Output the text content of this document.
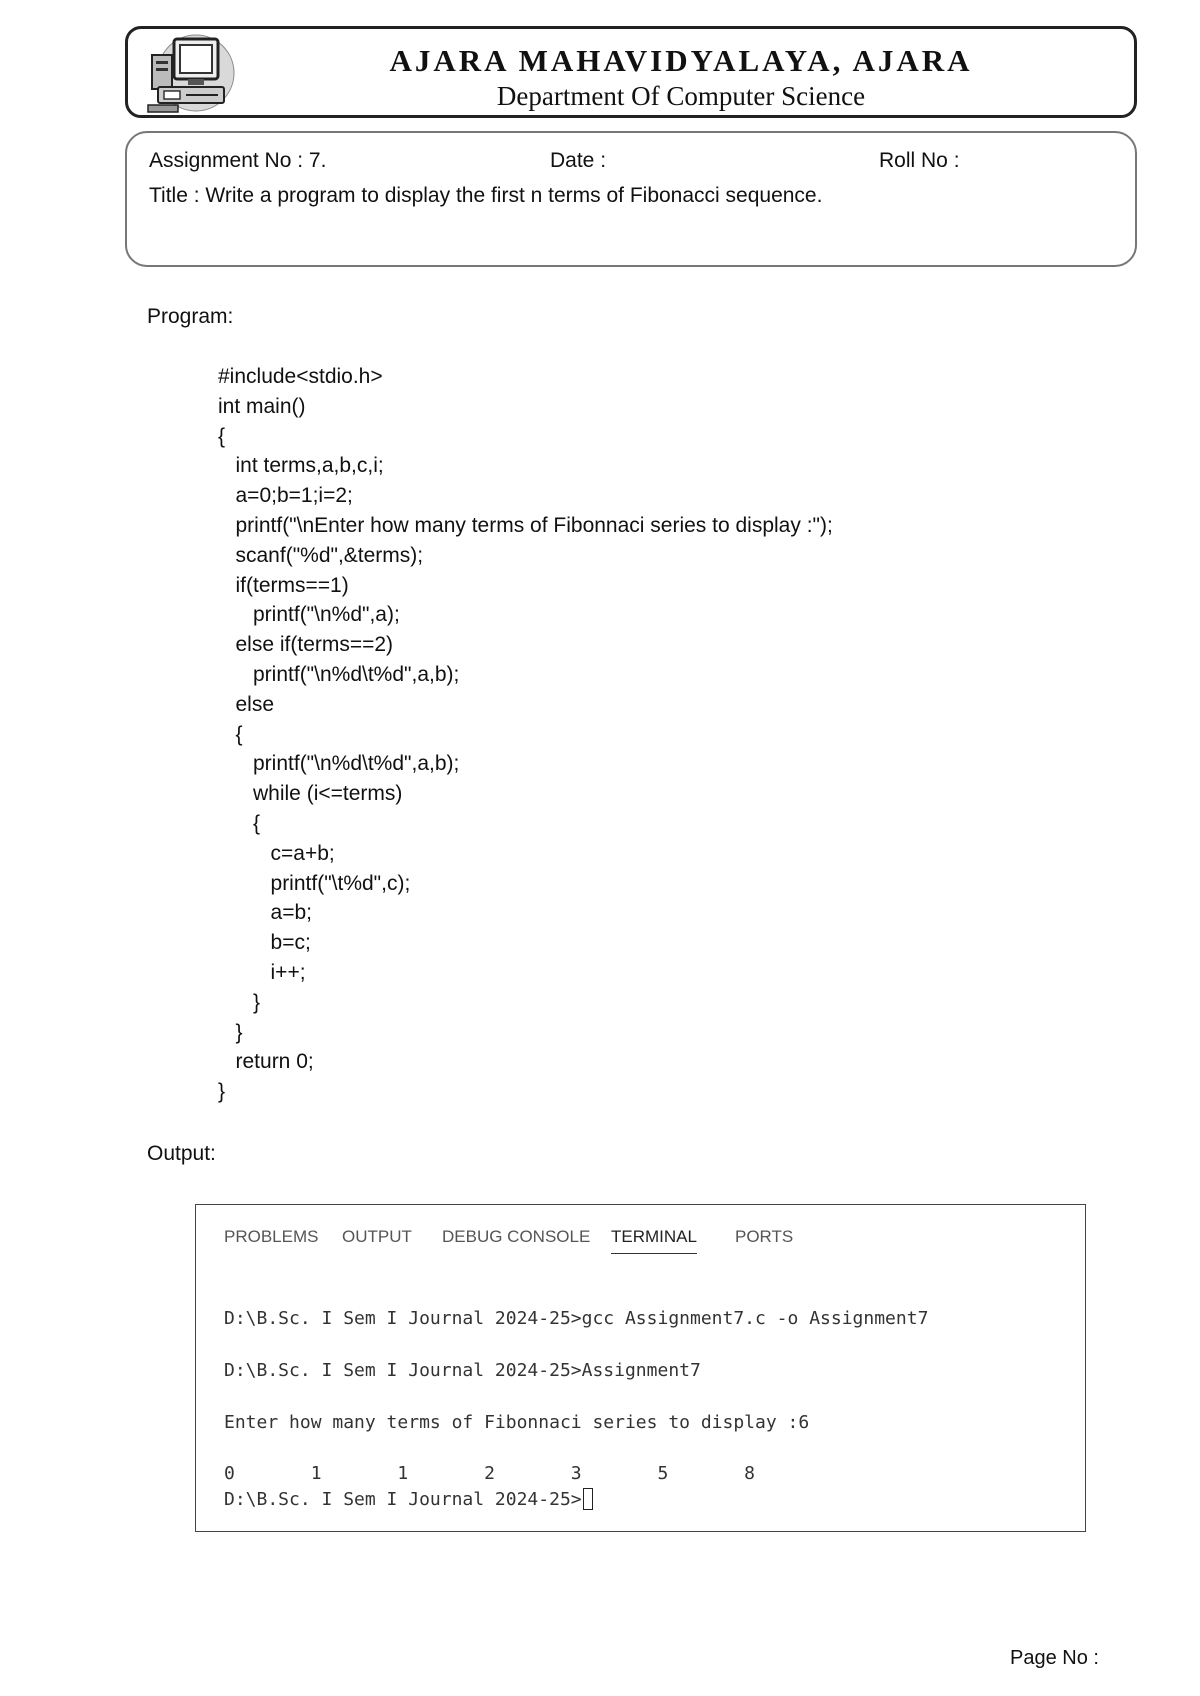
AJARA MAHAVIDYALAYA, AJARA
Department Of Computer Science
Assignment No : 7.	Date :	Roll No :
Title : Write a program to display the first n terms of Fibonacci sequence.
Program:
#include<stdio.h>
int main()
{
int terms,a,b,c,i;
a=0;b=1;i=2;
printf("\nEnter how many terms of Fibonnaci series to display :");
scanf("%d",&terms);
if(terms==1)
printf("\n%d",a);
else if(terms==2)
printf("\n%d\t%d",a,b);
else
{
printf("\n%d\t%d",a,b);
while (i<=terms)
{
c=a+b;
printf("\t%d",c);
a=b;
b=c;
i++;
}
}
return 0;
}
Output:
PROBLEMS OUTPUT DEBUG CONSOLE TERMINAL PORTS
D:\B.Sc. I Sem I Journal 2024-25>gcc Assignment7.c -o Assignment7
D:\B.Sc. I Sem I Journal 2024-25>Assignment7
Enter how many terms of Fibonnaci series to display :6
0       1       1       2       3       5       8
D:\B.Sc. I Sem I Journal 2024-25>
Page No :
